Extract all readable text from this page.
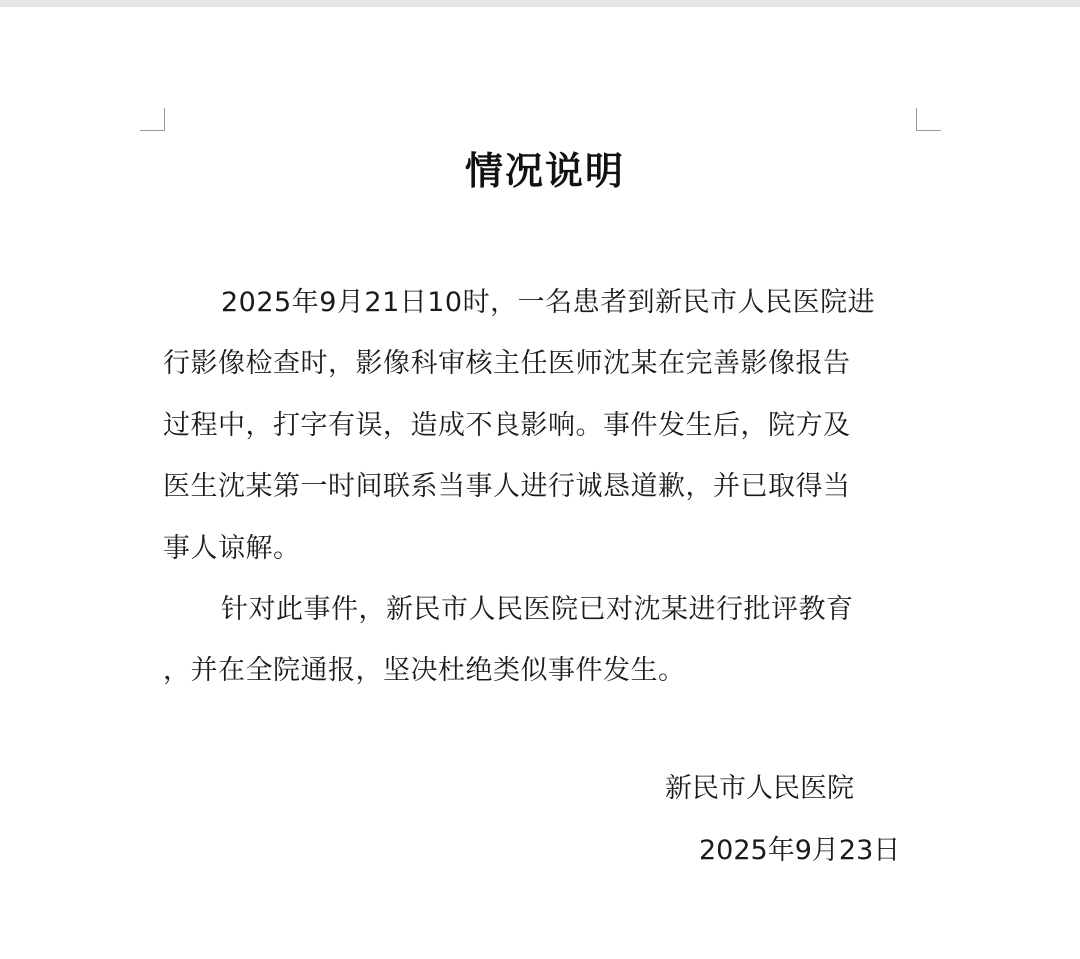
情况说明

2025年9月21日10时，一名患者到新民市人民医院进
行影像检查时，影像科审核主任医师沈某在完善影像报告
过程中，打字有误，造成不良影响。事件发生后，院方及
医生沈某第一时间联系当事人进行诚恳道歉，并已取得当
事人谅解。

针对此事件，新民市人民医院已对沈某进行批评教育
，并在全院通报，坚决杜绝类似事件发生。

新民市人民医院
2025年9月23日
